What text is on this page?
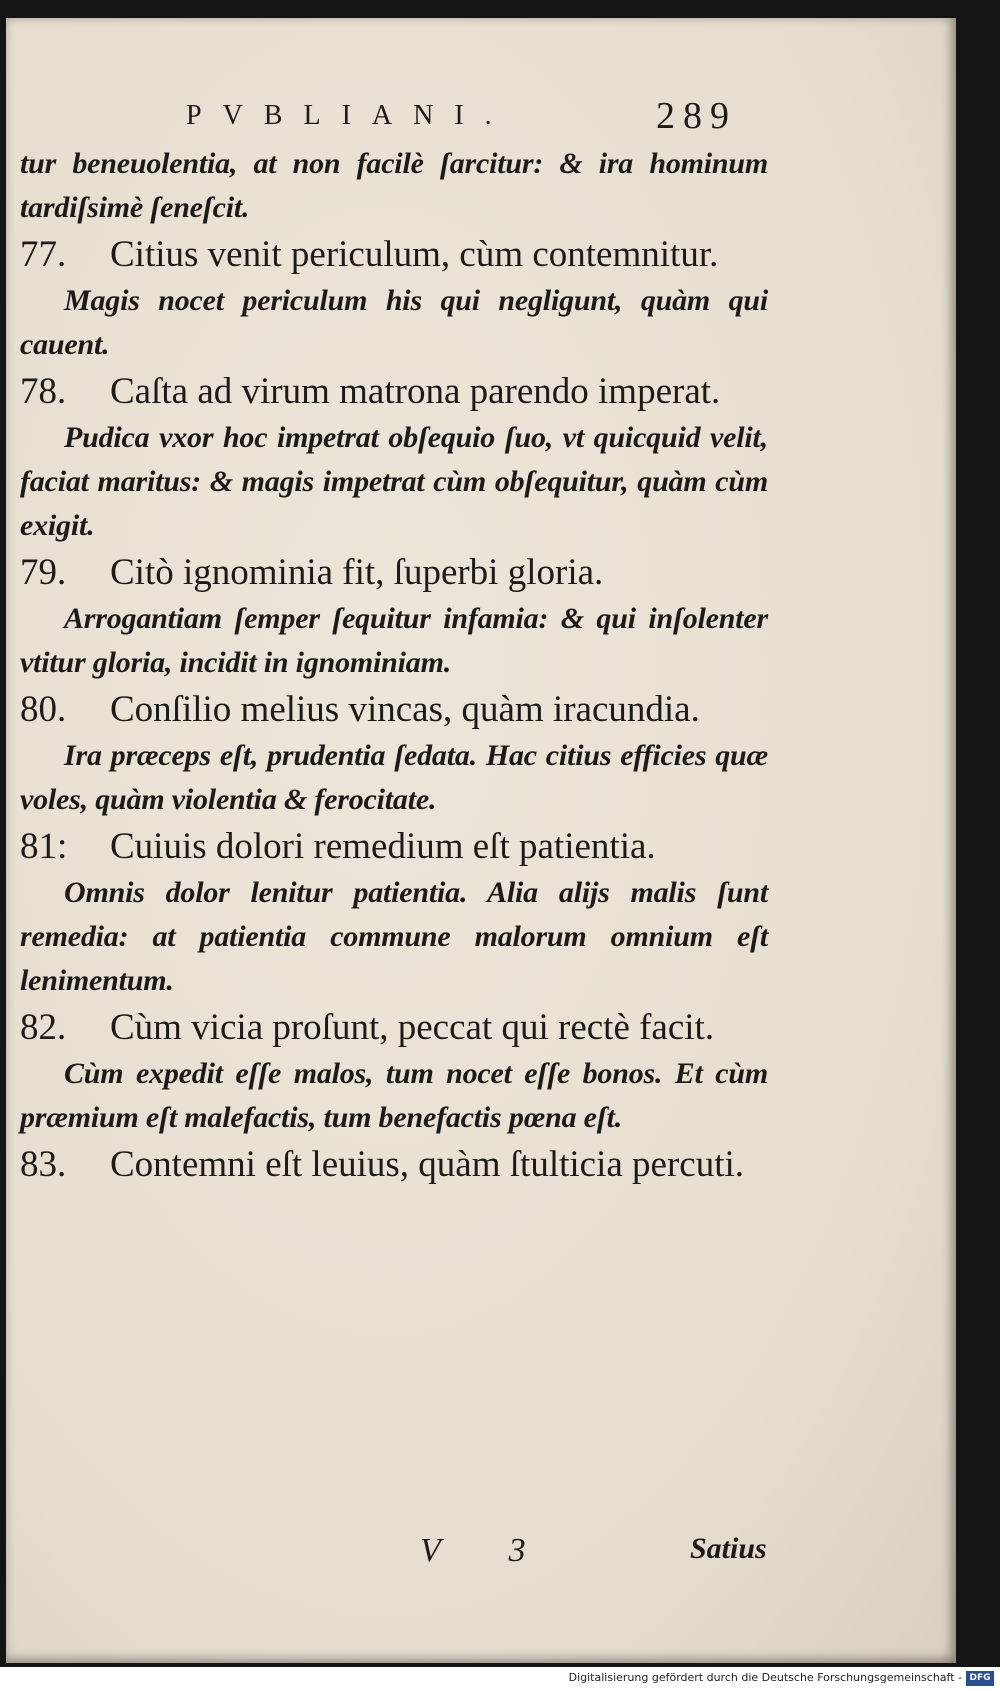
PVBLIANI.	289

tur beneuolentia, at non facilè ſarcitur: & ira hominum tardiſsimè ſeneſcit.

77. Citius venit periculum, cùm contemnitur.

Magis nocet periculum his qui negligunt, quàm qui cauent.

78. Caſta ad virum matrona parendo imperat.

Pudica vxor hoc impetrat obſequio ſuo, vt quicquid velit, faciat maritus: & magis impetrat cùm obſequitur, quàm cùm exigit.

79. Citò ignominia fit, ſuperbi gloria.

Arrogantiam ſemper ſequitur infamia: & qui inſolenter vtitur gloria, incidit in ignominiam.

80. Conſilio melius vincas, quàm iracundia.

Ira præceps eſt, prudentia ſedata. Hac citius efficies quæ voles, quàm violentia & ferocitate.

81: Cuiuis dolori remedium eſt patientia.

Omnis dolor lenitur patientia. Alia aliјs malis ſunt remedia: at patientia commune malorum omnium eſt lenimentum.

82. Cùm vicia proſunt, peccat qui rectè facit.

Cùm expedit eſſe malos, tum nocet eſſe bonos. Et cùm præmium eſt malefactis, tum benefactis pœna eſt.

83. Contemni eſt leuius, quàm ſtulticia percuti.

V 3	Satius
Digitalisierung gefördert durch die Deutsche Forschungsgemeinschaft - DFG
